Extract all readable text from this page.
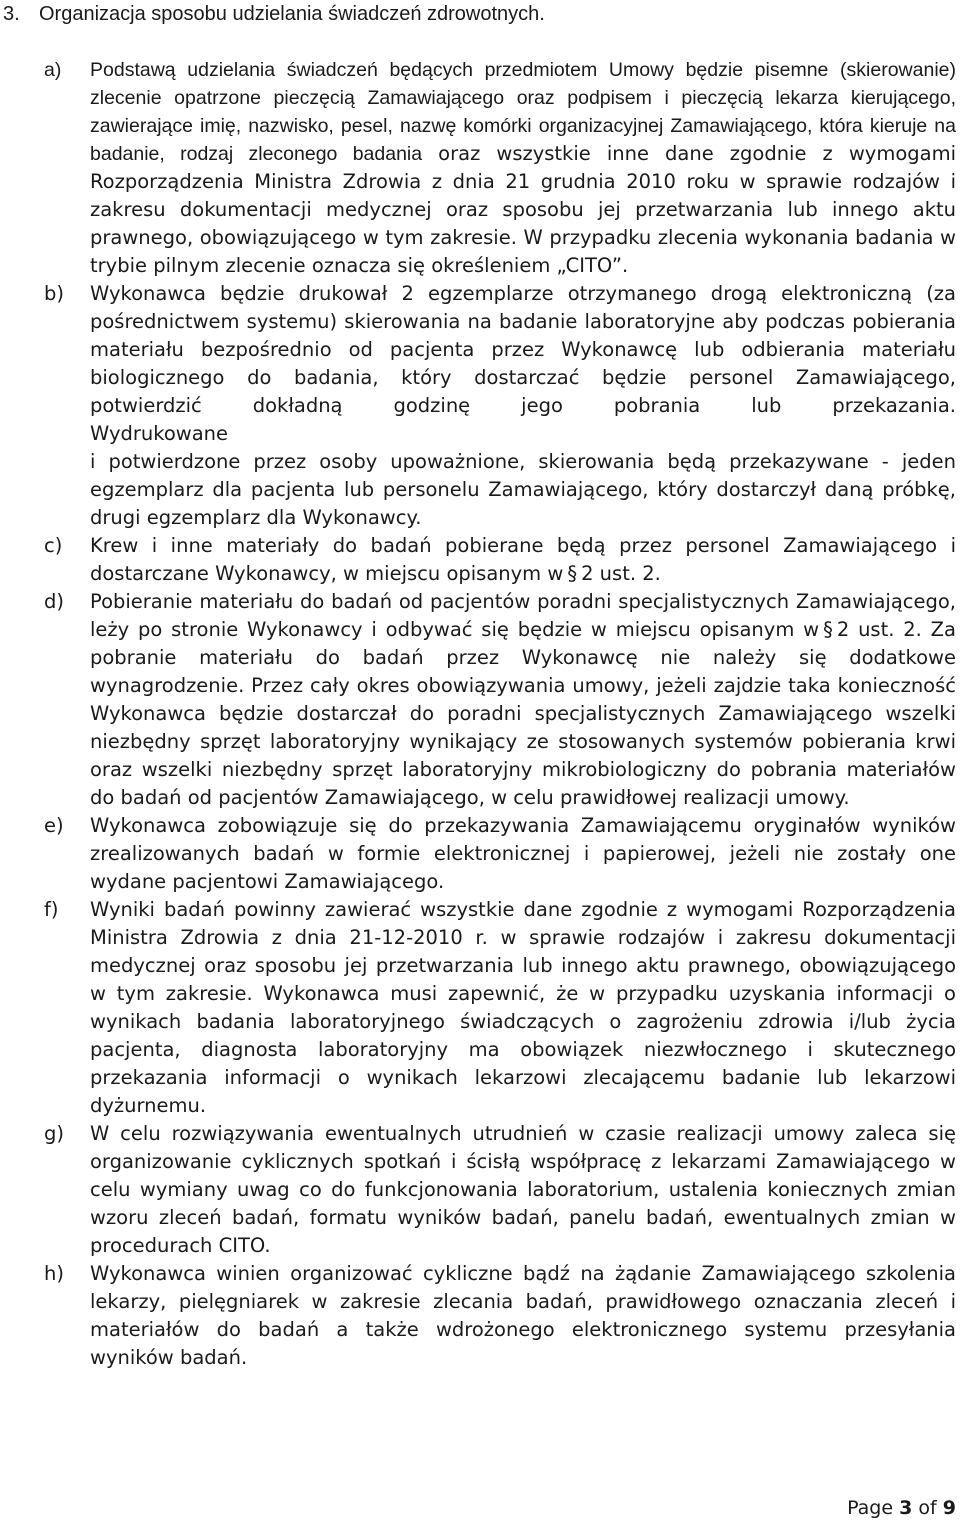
3. Organizacja sposobu udzielania świadczeń zdrowotnych.
a) Podstawą udzielania świadczeń będących przedmiotem Umowy będzie pisemne (skierowanie) zlecenie opatrzone pieczęcią Zamawiającego oraz podpisem i pieczęcią lekarza kierującego, zawierające imię, nazwisko, pesel, nazwę komórki organizacyjnej Zamawiającego, która kieruje na badanie, rodzaj zleconego badania oraz wszystkie inne dane zgodnie z wymogami Rozporządzenia Ministra Zdrowia z dnia 21 grudnia 2010 roku w sprawie rodzajów i zakresu dokumentacji medycznej oraz sposobu jej przetwarzania lub innego aktu prawnego, obowiązującego w tym zakresie. W przypadku zlecenia wykonania badania w trybie pilnym zlecenie oznacza się określeniem „CITO”.

b) Wykonawca będzie drukował 2 egzemplarze otrzymanego drogą elektroniczną (za pośrednictwem systemu) skierowania na badanie laboratoryjne aby podczas pobierania materiału bezpośrednio od pacjenta przez Wykonawcę lub odbierania materiału biologicznego do badania, który dostarczać będzie personel Zamawiającego, potwierdzić dokładną godzinę jego pobrania lub przekazania.

Wydrukowane

i potwierdzone przez osoby upoważnione, skierowania będą przekazywane - jeden egzemplarz dla pacjenta lub personelu Zamawiającego, który dostarczył daną próbkę, drugi egzemplarz dla Wykonawcy.

c) Krew i inne materiały do badań pobierane będą przez personel Zamawiającego i dostarczane Wykonawcy, w miejscu opisanym w § 2 ust. 2.

d) Pobieranie materiału do badań od pacjentów poradni specjalistycznych Zamawiającego, leży po stronie Wykonawcy i odbywać się będzie w miejscu opisanym w § 2 ust. 2. Za pobranie materiału do badań przez Wykonawcę nie należy się dodatkowe wynagrodzenie. Przez cały okres obowiązywania umowy, jeżeli zajdzie taka konieczność Wykonawca będzie dostarczał do poradni specjalistycznych Zamawiającego wszelki niezbędny sprzęt laboratoryjny wynikający ze stosowanych systemów pobierania krwi oraz wszelki niezbędny sprzęt laboratoryjny mikrobiologiczny do pobrania materiałów do badań od pacjentów Zamawiającego, w celu prawidłowej realizacji umowy.

e) Wykonawca zobowiązuje się do przekazywania Zamawiającemu oryginałów wyników zrealizowanych badań w formie elektronicznej i papierowej, jeżeli nie zostały one wydane pacjentowi Zamawiającego.

f) Wyniki badań powinny zawierać wszystkie dane zgodnie z wymogami Rozporządzenia Ministra Zdrowia z dnia 21-12-2010 r. w sprawie rodzajów i zakresu dokumentacji medycznej oraz sposobu jej przetwarzania lub innego aktu prawnego, obowiązującego w tym zakresie. Wykonawca musi zapewnić, że w przypadku uzyskania informacji o wynikach badania laboratoryjnego świadczących o zagrożeniu zdrowia i/lub życia pacjenta, diagnosta laboratoryjny ma obowiązek niezwłocznego i skutecznego przekazania informacji o wynikach lekarzowi zlecającemu badanie lub lekarzowi dyżurnemu.

g) W celu rozwiązywania ewentualnych utrudnień w czasie realizacji umowy zaleca się organizowanie cyklicznych spotkań i ścisłą współpracę z lekarzami Zamawiającego w celu wymiany uwag co do funkcjonowania laboratorium, ustalenia koniecznych zmian wzoru zleceń badań, formatu wyników badań, panelu badań, ewentualnych zmian w procedurach CITO.

h) Wykonawca winien organizować cykliczne bądź na żądanie Zamawiającego szkolenia lekarzy, pielęgniarek w zakresie zlecania badań, prawidłowego oznaczania zleceń i materiałów do badań a także wdrożonego elektronicznego systemu przesyłania wyników badań.

Page 3 of 9
